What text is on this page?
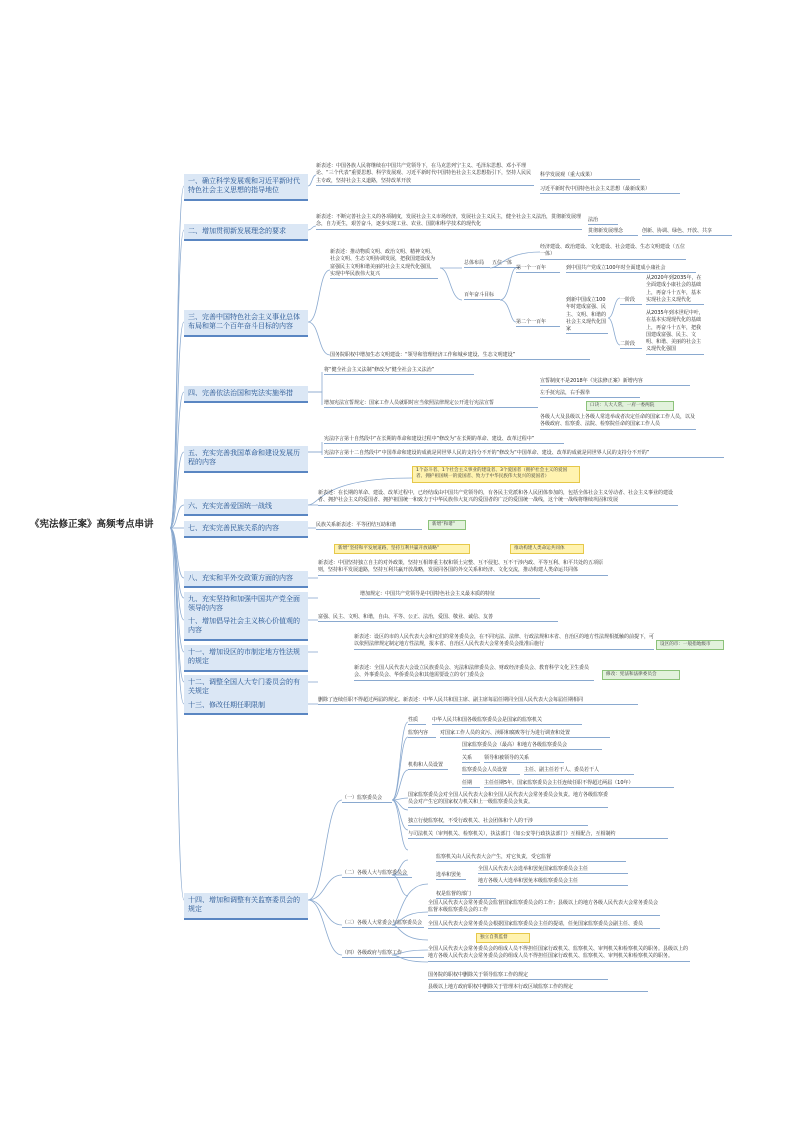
《宪法修正案》高频考点串讲
一、确立科学发展观和习近平新时代特色社会主义思想的指导地位
二、增加贯彻新发展理念的要求
三、完善中国特色社会主义事业总体布局和第二个百年奋斗目标的内容
四、完善依法治国和宪法实施举措
五、充实完善我国革命和建设发展历程的内容
六、充实完善爱国统一战线
七、充实完善民族关系的内容
八、充实和平外交政策方面的内容
九、充实坚持和加强中国共产党全面领导的内容
十、增加倡导社会主义核心价值观的内容
十一、增加设区的市制定地方性法规的规定
十二、调整全国人大专门委员会的有关规定
十三、修改任期任职限制
十四、增加和调整有关监察委员会的规定
新表述：中国各族人民将继续在中国共产党领导下，在马克思列宁主义、毛泽东思想、邓小平理论、“三个代表”重要思想、科学发展观、习近平新时代中国特色社会主义思想指引下，坚持人民民主专政，坚持社会主义道路，坚持改革开放
科学发展观（重大成果）
习近平新时代中国特色社会主义思想（最新成果）
新表述：不断完善社会主义的各项制度，发展社会主义市场经济，发展社会主义民主，健全社会主义法治，贯彻新发展理念，自力更生，艰苦奋斗，逐步实现工业、农业、国防和科学技术的现代化
法治
贯彻新发展理念	创新、协调、绿色、开放、共享
新表述：推动物质文明、政治文明、精神文明、社会文明、生态文明协调发展，把我国建设成为富强民主文明和谐美丽的社会主义现代化强国，实现中华民族伟大复兴
总体布局	五位一体
经济建设、政治建设、文化建设、社会建设、生态文明建设（五位一体）
百年奋斗目标
第一个一百年	到中国共产党成立100年时全面建成小康社会
第二个一百年
到新中国成立100年时建成富强、民主、文明、和谐的社会主义现代化国家
一阶段
从2020年到2035年，在全面建成小康社会的基础上，再奋斗十五年，基本实现社会主义现代化
二阶段
从2035年到本世纪中叶，在基本实现现代化的基础上，再奋斗十五年，把我国建成富强、民主、文明、和谐、美丽的社会主义现代化强国
国务院职权中增加生态文明建设：“领导和管理经济工作和城乡建设、生态文明建设”
将“健全社会主义法制”修改为“健全社会主义法治”
增加宪法宣誓规定：国家工作人员就职时应当依照法律规定公开进行宪法宣誓
宣誓制度不是2018年《宪法修正案》新增内容
左手抚宪法，右手握拳
口诀：人大人常，一府一委两院
各级人大及县级以上各级人常选举或者决定任命的国家工作人员，以及各级政府、监察委、法院、检察院任命的国家工作人员
宪法序言第十自然段中“在长期的革命和建设过程中”修改为“在长期的革命、建设、改革过程中”
宪法序言第十二自然段中“中国革命和建设的成就是同世界人民的支持分不开的”修改为“中国革命、建设、改革的成就是同世界人民的支持分不开的”
1个奋斗者、1个社会主义事业的建设者、3个爱国者（拥护社会主义的爱国者、拥护祖国统一的爱国者、致力于中华民族伟大复兴的爱国者）
新表述：在长期的革命、建设、改革过程中，已经结成由中国共产党领导的，有各民主党派和各人民团体参加的，包括全体社会主义劳动者、社会主义事业的建设者、拥护社会主义的爱国者、拥护祖国统一和致力于中华民族伟大复兴的爱国者的广泛的爱国统一战线，这个统一战线将继续巩固和发展
民族关系新表述：平等团结互助和谐	新增“和谐”
新增“坚持和平发展道路，坚持互利共赢开放战略”	推动构建人类命运共同体
新表述：中国坚持独立自主的对外政策，坚持互相尊重主权和领土完整、互不侵犯、互不干涉内政、平等互利、和平共处的五项原则，坚持和平发展道路，坚持互利共赢开放战略，发展同各国的外交关系和经济、文化交流，推动构建人类命运共同体
增加规定：中国共产党领导是中国特色社会主义最本质的特征
富强、民主、文明、和谐，自由、平等、公正、法治，爱国、敬业、诚信、友善
新表述：设区的市的人民代表大会和它们的常务委员会，在不同宪法、法律、行政法规和本省、自治区的地方性法规相抵触的前提下，可以依照法律规定制定地方性法规，报本省、自治区人民代表大会常务委员会批准后施行	设区的市：一般指地级市
新表述：全国人民代表大会设立民族委员会、宪法和法律委员会、财政经济委员会、教育科学文化卫生委员会、外事委员会、华侨委员会和其他需要设立的专门委员会	修改：宪法和法律委员会
删除了连续任职不得超过两届的规定。新表述：中华人民共和国主席、副主席每届任期同全国人民代表大会每届任期相同
（一）监察委员会
性质	中华人民共和国各级监察委员会是国家的监察机关
监察内容	对国家工作人员的贪污、渎职和腐败等行为进行调查和处置
机构和人员设置
国家监察委员会（最高）和地方各级监察委员会
关系	领导和被领导的关系
监察委员会人员设置	主任、副主任若干人、委员若干人
任期	主任任期5年，国家监察委员会主任连续任职不得超过两届（10年）
国家监察委员会对全国人民代表大会和全国人民代表大会常务委员会负责。地方各级监察委员会对产生它的国家权力机关和上一级监察委员会负责。
独立行使监察权，不受行政机关、社会团体和个人的干涉
与司法机关（审判机关、检察机关），执法部门（如公安等行政执法部门）互相配合，互相制约
（二）各级人大与监察委员会
监察机关由人民代表大会产生，对它负责，受它监督
选举和罢免
全国人民代表大会选举和罢免国家监察委员会主任
地方各级人大选举和罢免本级监察委员会主任
权是监督的部门
（三）各级人大常委会与监察委员会
全国人民代表大会常务委员会监督国家监察委员会的工作；县级以上的地方各级人民代表大会常务委员会监督本级监察委员会的工作
全国人民代表大会常务委员会根据国家监察委员会主任的提请，任免国家监察委员会副主任、委员
独立自我监督
全国人民代表大会常务委员会的组成人员不得担任国家行政机关、监察机关、审判机关和检察机关的职务。县级以上的地方各级人民代表大会常务委员会的组成人员不得担任国家行政机关、监察机关、审判机关和检察机关的职务。
（四）各级政府与监察工作
国务院的职权中删除关于领导监察工作的规定
县级以上地方政府职权中删除关于管理本行政区域监察工作的规定
